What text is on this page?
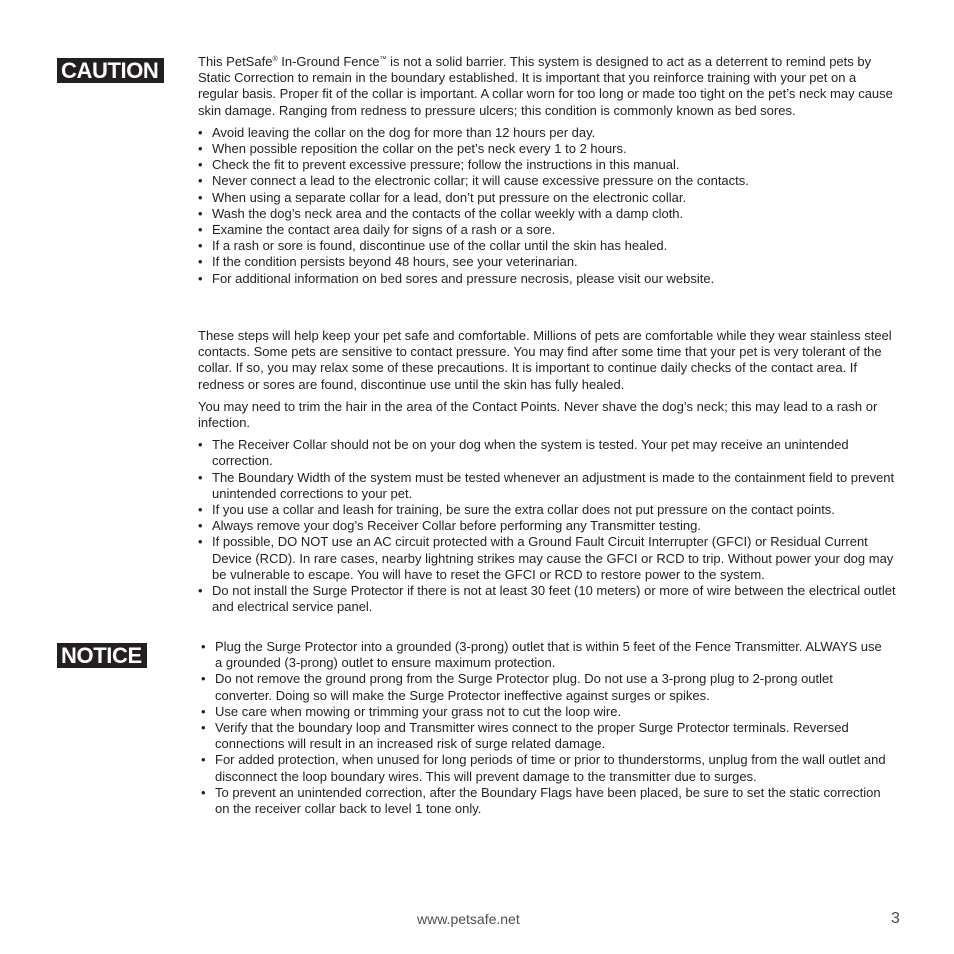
CAUTION	This PetSafe® In-Ground Fence™ is not a solid barrier. This system is designed to act as a deterrent to remind pets by Static Correction to remain in the boundary established. It is important that you reinforce training with your pet on a regular basis. Proper fit of the collar is important. A collar worn for too long or made too tight on the pet’s neck may cause skin damage. Ranging from redness to pressure ulcers; this condition is commonly known as bed sores.

• Avoid leaving the collar on the dog for more than 12 hours per day.
• When possible reposition the collar on the pet’s neck every 1 to 2 hours.
• Check the fit to prevent excessive pressure; follow the instructions in this manual.
• Never connect a lead to the electronic collar; it will cause excessive pressure on the contacts.
• When using a separate collar for a lead, don’t put pressure on the electronic collar.
• Wash the dog’s neck area and the contacts of the collar weekly with a damp cloth.
• Examine the contact area daily for signs of a rash or a sore.
• If a rash or sore is found, discontinue use of the collar until the skin has healed.
• If the condition persists beyond 48 hours, see your veterinarian.
• For additional information on bed sores and pressure necrosis, please visit our website.

These steps will help keep your pet safe and comfortable. Millions of pets are comfortable while they wear stainless steel contacts. Some pets are sensitive to contact pressure. You may find after some time that your pet is very tolerant of the collar. If so, you may relax some of these precautions. It is important to continue daily checks of the contact area. If redness or sores are found, discontinue use until the skin has fully healed.

You may need to trim the hair in the area of the Contact Points. Never shave the dog’s neck; this may lead to a rash or infection.

• The Receiver Collar should not be on your dog when the system is tested. Your pet may receive an unintended correction.
• The Boundary Width of the system must be tested whenever an adjustment is made to the containment field to prevent unintended corrections to your pet.
• If you use a collar and leash for training, be sure the extra collar does not put pressure on the contact points.
• Always remove your dog’s Receiver Collar before performing any Transmitter testing.
• If possible, DO NOT use an AC circuit protected with a Ground Fault Circuit Interrupter (GFCI) or Residual Current Device (RCD). In rare cases, nearby lightning strikes may cause the GFCI or RCD to trip. Without power your dog may be vulnerable to escape. You will have to reset the GFCI or RCD to restore power to the system.
• Do not install the Surge Protector if there is not at least 30 feet (10 meters) or more of wire between the electrical outlet and electrical service panel.
NOTICE
•	Plug the Surge Protector into a grounded (3-prong) outlet that is within 5 feet of the Fence Transmitter. ALWAYS use a grounded (3-prong) outlet to ensure maximum protection.
• Do not remove the ground prong from the Surge Protector plug. Do not use a 3-prong plug to 2-prong outlet converter. Doing so will make the Surge Protector ineffective against surges or spikes.
• Use care when mowing or trimming your grass not to cut the loop wire.
• Verify that the boundary loop and Transmitter wires connect to the proper Surge Protector terminals. Reversed connections will result in an increased risk of surge related damage.
• For added protection, when unused for long periods of time or prior to thunderstorms, unplug from the wall outlet and disconnect the loop boundary wires. This will prevent damage to the transmitter due to surges.
• To prevent an unintended correction, after the Boundary Flags have been placed, be sure to set the static correction on the receiver collar back to level 1 tone only.
www.petsafe.net	3
